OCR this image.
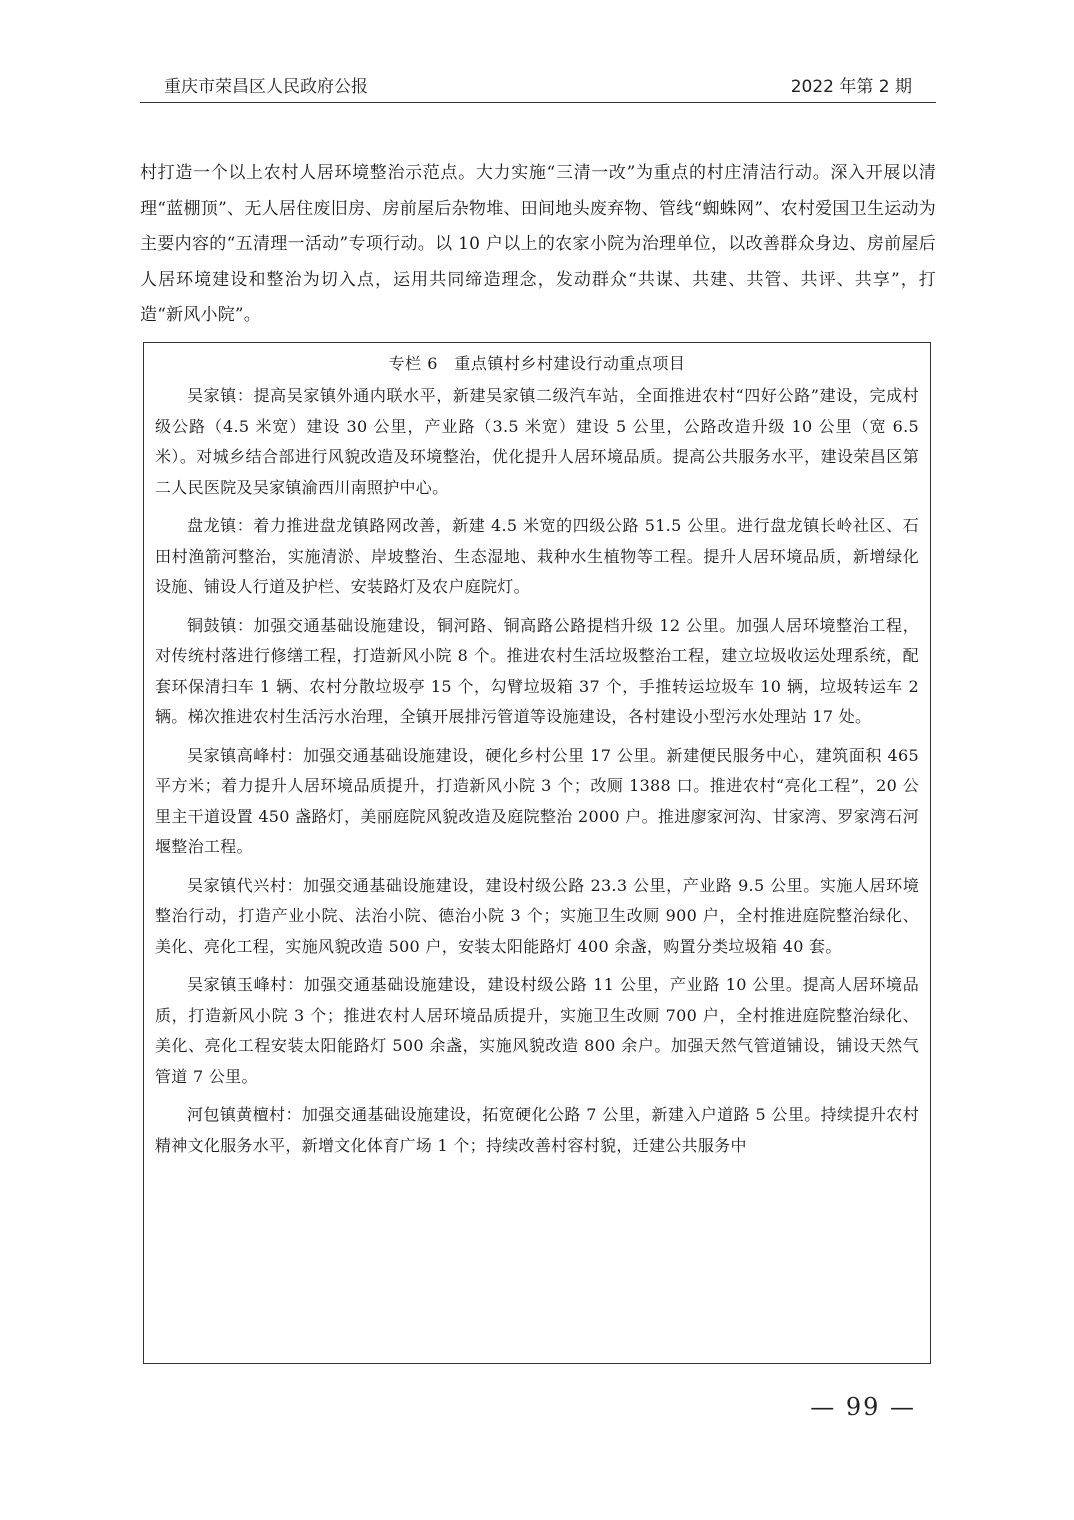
重庆市荣昌区人民政府公报	2022 年第 2 期

村打造一个以上农村人居环境整治示范点。大力实施“三清一改”为重点的村庄清洁行动。深入开展以清理“蓝棚顶”、无人居住废旧房、房前屋后杂物堆、田间地头废弃物、管线“蜘蛛网”、农村爱国卫生运动为主要内容的“五清理一活动”专项行动。以 10 户以上的农家小院为治理单位，以改善群众身边、房前屋后人居环境建设和整治为切入点，运用共同缔造理念，发动群众“共谋、共建、共管、共评、共享”，打造“新风小院”。

专栏 6　重点镇村乡村建设行动重点项目

吴家镇：提高吴家镇外通内联水平，新建吴家镇二级汽车站，全面推进农村“四好公路”建设，完成村级公路（4.5 米宽）建设 30 公里，产业路（3.5 米宽）建设 5 公里，公路改造升级 10 公里（宽 6.5 米）。对城乡结合部进行风貌改造及环境整治，优化提升人居环境品质。提高公共服务水平，建设荣昌区第二人民医院及吴家镇渝西川南照护中心。

盘龙镇：着力推进盘龙镇路网改善，新建 4.5 米宽的四级公路 51.5 公里。进行盘龙镇长岭社区、石田村渔箭河整治，实施清淤、岸坡整治、生态湿地、栽种水生植物等工程。提升人居环境品质，新增绿化设施、铺设人行道及护栏、安装路灯及农户庭院灯。

铜鼓镇：加强交通基础设施建设，铜河路、铜高路公路提档升级 12 公里。加强人居环境整治工程，对传统村落进行修缮工程，打造新风小院 8 个。推进农村生活垃圾整治工程，建立垃圾收运处理系统，配套环保清扫车 1 辆、农村分散垃圾亭 15 个，勾臂垃圾箱 37 个，手推转运垃圾车 10 辆，垃圾转运车 2 辆。梯次推进农村生活污水治理，全镇开展排污管道等设施建设，各村建设小型污水处理站 17 处。

吴家镇高峰村：加强交通基础设施建设，硬化乡村公里 17 公里。新建便民服务中心，建筑面积 465 平方米；着力提升人居环境品质提升，打造新风小院 3 个；改厕 1388 口。推进农村“亮化工程”，20 公里主干道设置 450 盏路灯，美丽庭院风貌改造及庭院整治 2000 户。推进廖家河沟、甘家湾、罗家湾石河堰整治工程。

吴家镇代兴村：加强交通基础设施建设，建设村级公路 23.3 公里，产业路 9.5 公里。实施人居环境整治行动，打造产业小院、法治小院、德治小院 3 个；实施卫生改厕 900 户，全村推进庭院整治绿化、美化、亮化工程，实施风貌改造 500 户，安装太阳能路灯 400 余盏，购置分类垃圾箱 40 套。

吴家镇玉峰村：加强交通基础设施建设，建设村级公路 11 公里，产业路 10 公里。提高人居环境品质，打造新风小院 3 个；推进农村人居环境品质提升，实施卫生改厕 700 户，全村推进庭院整治绿化、美化、亮化工程安装太阳能路灯 500 余盏，实施风貌改造 800 余户。加强天然气管道铺设，铺设天然气管道 7 公里。

河包镇黄檀村：加强交通基础设施建设，拓宽硬化公路 7 公里，新建入户道路 5 公里。持续提升农村精神文化服务水平，新增文化体育广场 1 个；持续改善村容村貌，迁建公共服务中

— 99 —
